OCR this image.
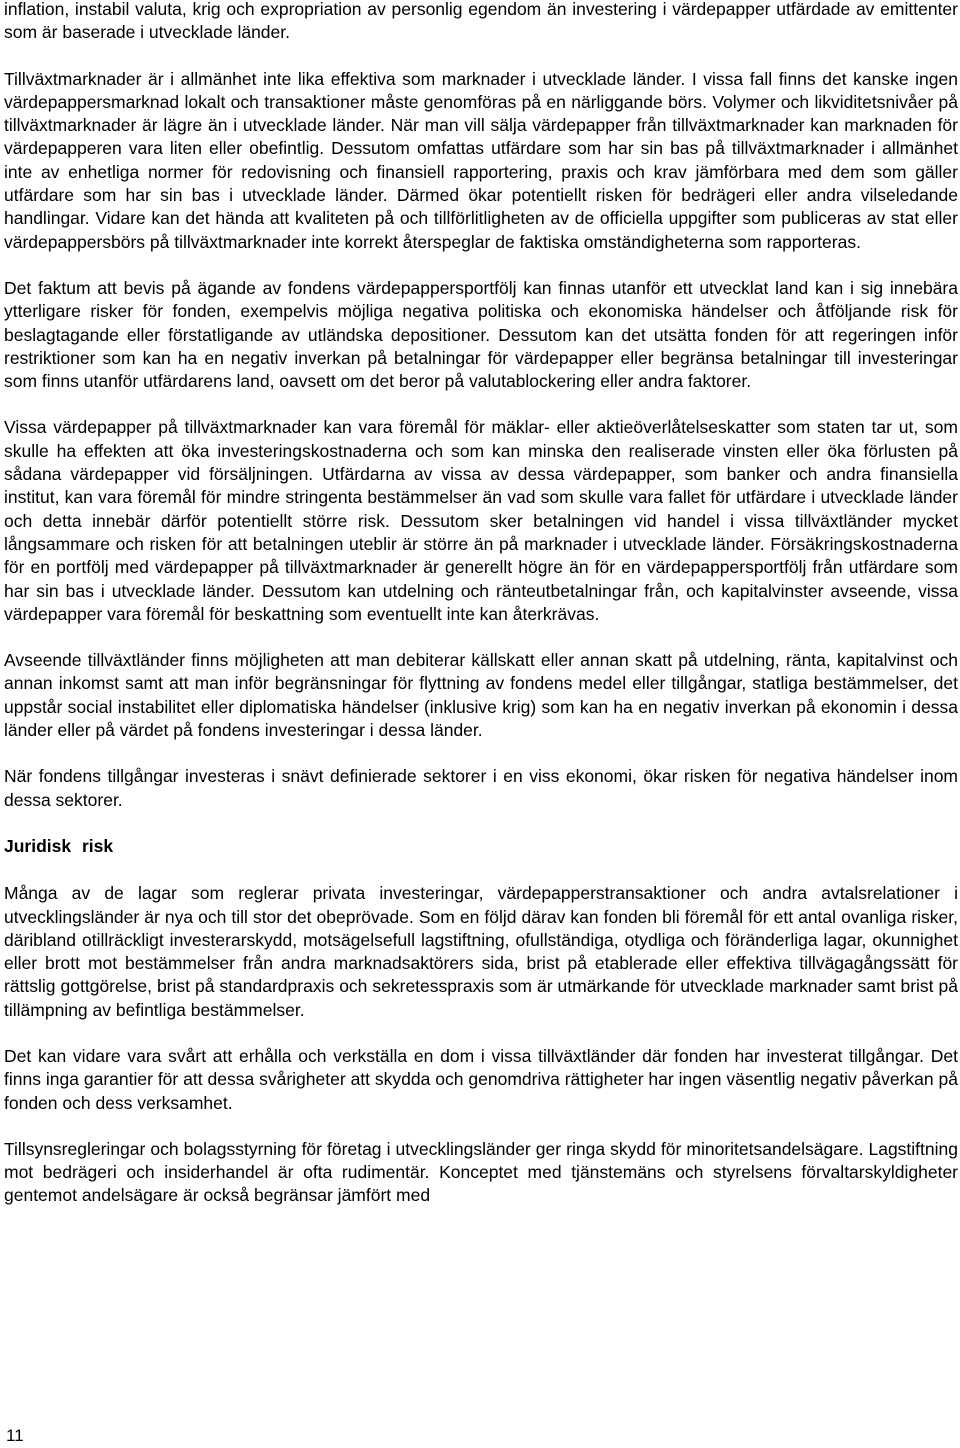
inflation, instabil valuta, krig och expropriation av personlig egendom än investering i värdepapper utfärdade av emittenter som är baserade i utvecklade länder.

Tillväxtmarknader är i allmänhet inte lika effektiva som marknader i utvecklade länder. I vissa fall finns det kanske ingen värdepappersmarknad lokalt och transaktioner måste genomföras på en närliggande börs. Volymer och likviditetsnivåer på tillväxtmarknader är lägre än i utvecklade länder. När man vill sälja värdepapper från tillväxtmarknader kan marknaden för värdepapperen vara liten eller obefintlig. Dessutom omfattas utfärdare som har sin bas på tillväxtmarknader i allmänhet inte av enhetliga normer för redovisning och finansiell rapportering, praxis och krav jämförbara med dem som gäller utfärdare som har sin bas i utvecklade länder. Därmed ökar potentiellt risken för bedrägeri eller andra vilseledande handlingar. Vidare kan det hända att kvaliteten på och tillförlitligheten av de officiella uppgifter som publiceras av stat eller värdepappersbörs på tillväxtmarknader inte korrekt återspeglar de faktiska omständigheterna som rapporteras.

Det faktum att bevis på ägande av fondens värdepappersportfölj kan finnas utanför ett utvecklat land kan i sig innebära ytterligare risker för fonden, exempelvis möjliga negativa politiska och ekonomiska händelser och åtföljande risk för beslagtagande eller förstatligande av utländska depositioner. Dessutom kan det utsätta fonden för att regeringen inför restriktioner som kan ha en negativ inverkan på betalningar för värdepapper eller begränsa betalningar till investeringar som finns utanför utfärdarens land, oavsett om det beror på valutablockering eller andra faktorer.

Vissa värdepapper på tillväxtmarknader kan vara föremål för mäklar- eller aktieöverlåtelseskatter som staten tar ut, som skulle ha effekten att öka investeringskostnaderna och som kan minska den realiserade vinsten eller öka förlusten på sådana värdepapper vid försäljningen. Utfärdarna av vissa av dessa värdepapper, som banker och andra finansiella institut, kan vara föremål för mindre stringenta bestämmelser än vad som skulle vara fallet för utfärdare i utvecklade länder och detta innebär därför potentiellt större risk. Dessutom sker betalningen vid handel i vissa tillväxtländer mycket långsammare och risken för att betalningen uteblir är större än på marknader i utvecklade länder. Försäkringskostnaderna för en portfölj med värdepapper på tillväxtmarknader är generellt högre än för en värdepappersportfölj från utfärdare som har sin bas i utvecklade länder. Dessutom kan utdelning och ränteutbetalningar från, och kapitalvinster avseende, vissa värdepapper vara föremål för beskattning som eventuellt inte kan återkrävas.

Avseende tillväxtländer finns möjligheten att man debiterar källskatt eller annan skatt på utdelning, ränta, kapitalvinst och annan inkomst samt att man inför begränsningar för flyttning av fondens medel eller tillgångar, statliga bestämmelser, det uppstår social instabilitet eller diplomatiska händelser (inklusive krig) som kan ha en negativ inverkan på ekonomin i dessa länder eller på värdet på fondens investeringar i dessa länder.

När fondens tillgångar investeras i snävt definierade sektorer i en viss ekonomi, ökar risken för negativa händelser inom dessa sektorer.

Juridisk risk

Många av de lagar som reglerar privata investeringar, värdepapperstransaktioner och andra avtalsrelationer i utvecklingsländer är nya och till stor det obeprövade. Som en följd därav kan fonden bli föremål för ett antal ovanliga risker, däribland otillräckligt investerarskydd, motsägelsefull lagstiftning, ofullständiga, otydliga och föränderliga lagar, okunnighet eller brott mot bestämmelser från andra marknadsaktörers sida, brist på etablerade eller effektiva tillvägagångssätt för rättslig gottgörelse, brist på standardpraxis och sekretesspraxis som är utmärkande för utvecklade marknader samt brist på tillämpning av befintliga bestämmelser.

Det kan vidare vara svårt att erhålla och verkställa en dom i vissa tillväxtländer där fonden har investerat tillgångar. Det finns inga garantier för att dessa svårigheter att skydda och genomdriva rättigheter har ingen väsentlig negativ påverkan på fonden och dess verksamhet.

Tillsynsregleringar och bolagsstyrning för företag i utvecklingsländer ger ringa skydd för minoritetsandelsägare. Lagstiftning mot bedrägeri och insiderhandel är ofta rudimentär. Konceptet med tjänstemäns och styrelsens förvaltarskyldigheter gentemot andelsägare är också begränsar jämfört med

11
